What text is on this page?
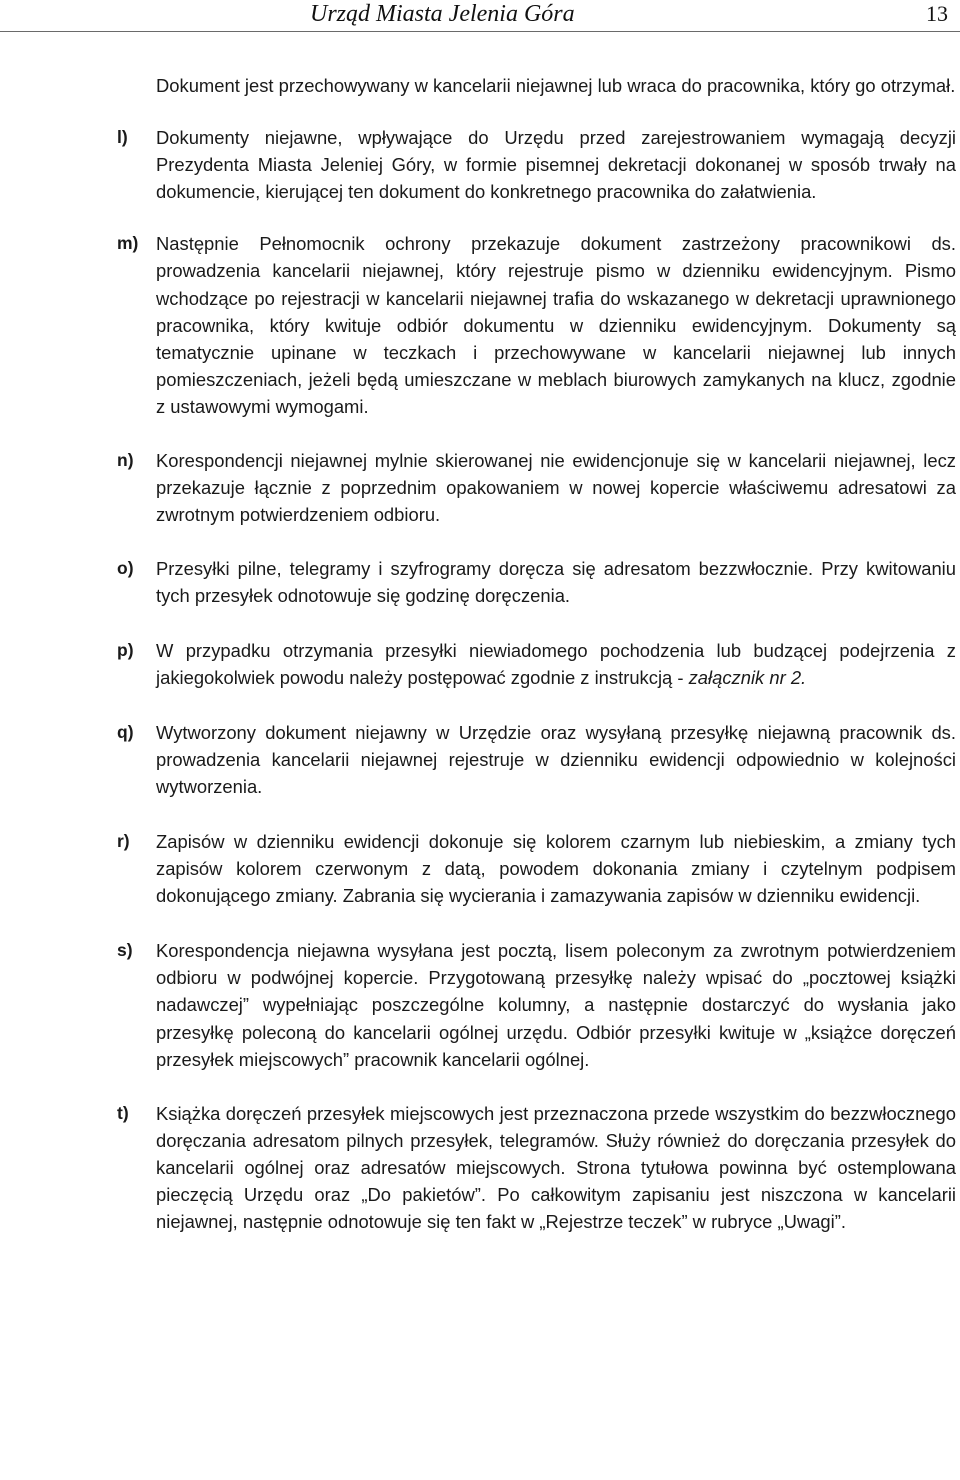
Urząd Miasta Jelenia Góra	13

Dokument jest przechowywany w kancelarii niejawnej lub wraca do pracownika, który go otrzymał.

l) Dokumenty niejawne, wpływające do Urzędu przed zarejestrowaniem wymagają decyzji Prezydenta Miasta Jeleniej Góry, w formie pisemnej dekretacji dokonanej w sposób trwały na dokumencie, kierującej ten dokument do konkretnego pracownika do załatwienia.

m) Następnie Pełnomocnik ochrony przekazuje dokument zastrzeżony pracownikowi ds. prowadzenia kancelarii niejawnej, który rejestruje pismo w dzienniku ewidencyjnym. Pismo wchodzące po rejestracji w kancelarii niejawnej trafia do wskazanego w dekretacji uprawnionego pracownika, który kwituje odbiór dokumentu w dzienniku ewidencyjnym. Dokumenty są tematycznie upinane w teczkach i przechowywane w kancelarii niejawnej lub innych pomieszczeniach, jeżeli będą umieszczane w meblach biurowych zamykanych na klucz, zgodnie z ustawowymi wymogami.

n) Korespondencji niejawnej mylnie skierowanej nie ewidencjonuje się w kancelarii niejawnej, lecz przekazuje łącznie z poprzednim opakowaniem w nowej kopercie właściwemu adresatowi za zwrotnym potwierdzeniem odbioru.

o) Przesyłki pilne, telegramy i szyfrogramy doręcza się adresatom bezzwłocznie. Przy kwitowaniu tych przesyłek odnotowuje się godzinę doręczenia.

p) W przypadku otrzymania przesyłki niewiadomego pochodzenia lub budzącej podejrzenia z jakiegokolwiek powodu należy postępować zgodnie z instrukcją - załącznik nr 2.

q) Wytworzony dokument niejawny w Urzędzie oraz wysyłaną przesyłkę niejawną pracownik ds. prowadzenia kancelarii niejawnej rejestruje w dzienniku ewidencji odpowiednio w kolejności wytworzenia.

r) Zapisów w dzienniku ewidencji dokonuje się kolorem czarnym lub niebieskim, a zmiany tych zapisów kolorem czerwonym z datą, powodem dokonania zmiany i czytelnym podpisem dokonującego zmiany. Zabrania się wycierania i zamazywania zapisów w dzienniku ewidencji.

s) Korespondencja niejawna wysyłana jest pocztą, lisem poleconym za zwrotnym potwierdzeniem odbioru w podwójnej kopercie. Przygotowaną przesyłkę należy wpisać do „pocztowej książki nadawczej” wypełniając poszczególne kolumny, a następnie dostarczyć do wysłania jako przesyłkę poleconą do kancelarii ogólnej urzędu. Odbiór przesyłki kwituje w „książce doręczeń przesyłek miejscowych” pracownik kancelarii ogólnej.

t) Książka doręczeń przesyłek miejscowych jest przeznaczona przede wszystkim do bezzwłocznego doręczania adresatom pilnych przesyłek, telegramów. Służy również do doręczania przesyłek do kancelarii ogólnej oraz adresatów miejscowych. Strona tytułowa powinna być ostemplowana pieczęcią Urzędu oraz „Do pakietów”. Po całkowitym zapisaniu jest niszczona w kancelarii niejawnej, następnie odnotowuje się ten fakt w „Rejestrze teczek” w rubryce „Uwagi”.
